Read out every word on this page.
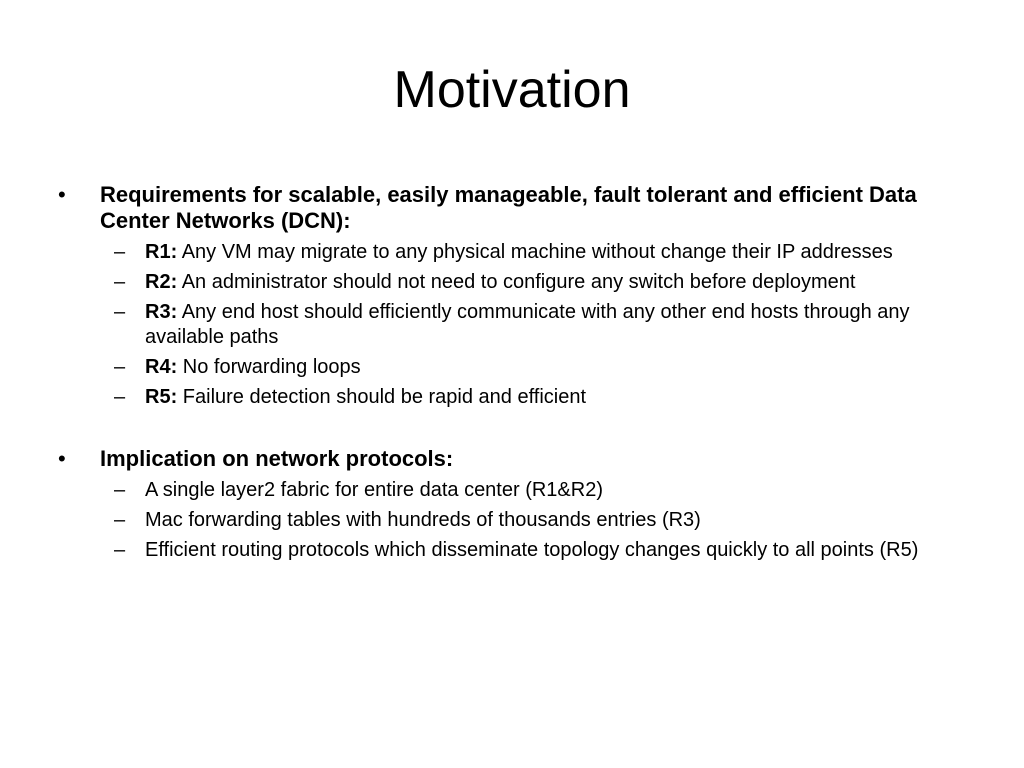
Motivation
•	Requirements for scalable, easily manageable, fault tolerant and efficient Data Center Networks (DCN):
– R1: Any VM may migrate to any physical machine without change their IP addresses
– R2: An administrator should not need to configure any switch before deployment
– R3: Any end host should efficiently communicate with any other end hosts through any available paths
– R4: No forwarding loops
– R5: Failure detection should be rapid and efficient
•	Implication on network protocols:
– A single layer2 fabric for entire data center (R1&R2)
– Mac forwarding tables with hundreds of thousands entries (R3)
– Efficient routing protocols which disseminate topology changes quickly to all points (R5)
